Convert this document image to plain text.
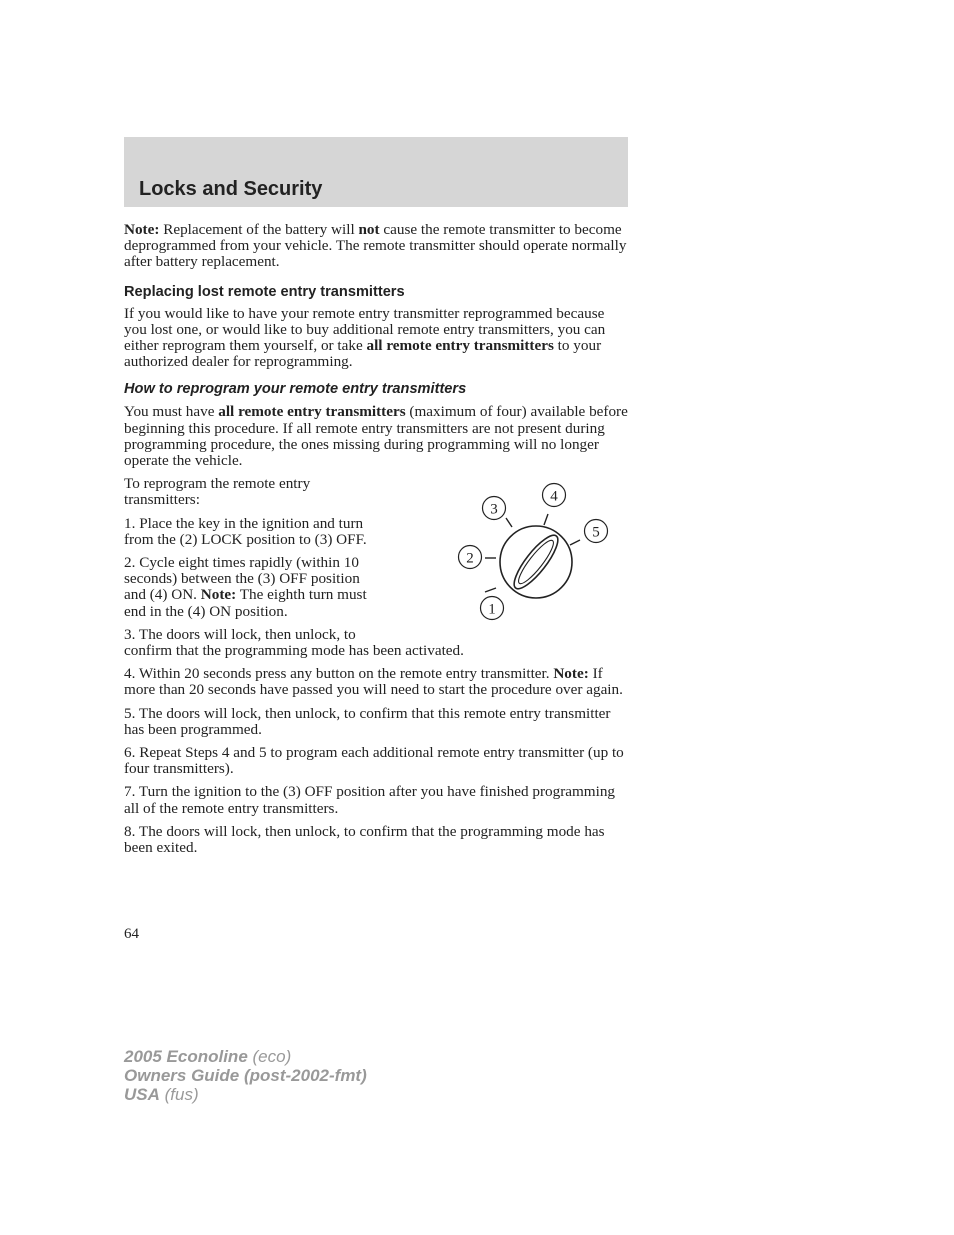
Locks and Security

Note: Replacement of the battery will not cause the remote transmitter to become deprogrammed from your vehicle. The remote transmitter should operate normally after battery replacement.

Replacing lost remote entry transmitters

If you would like to have your remote entry transmitter reprogrammed because you lost one, or would like to buy additional remote entry transmitters, you can either reprogram them yourself, or take all remote entry transmitters to your authorized dealer for reprogramming.

How to reprogram your remote entry transmitters

You must have all remote entry transmitters (maximum of four) available before beginning this procedure. If all remote entry transmitters are not present during programming procedure, the ones missing during programming will no longer operate the vehicle.

1
2
3
4
5

To reprogram the remote entry transmitters:

1. Place the key in the ignition and turn from the (2) LOCK position to (3) OFF.

2. Cycle eight times rapidly (within 10 seconds) between the (3) OFF position and (4) ON. Note: The eighth turn must end in the (4) ON position.

3. The doors will lock, then unlock, to confirm that the programming mode has been activated.

4. Within 20 seconds press any button on the remote entry transmitter. Note: If more than 20 seconds have passed you will need to start the procedure over again.

5. The doors will lock, then unlock, to confirm that this remote entry transmitter has been programmed.

6. Repeat Steps 4 and 5 to program each additional remote entry transmitter (up to four transmitters).

7. Turn the ignition to the (3) OFF position after you have finished programming all of the remote entry transmitters.

8. The doors will lock, then unlock, to confirm that the programming mode has been exited.

64
2005 Econoline (eco)
Owners Guide (post-2002-fmt)
USA (fus)
